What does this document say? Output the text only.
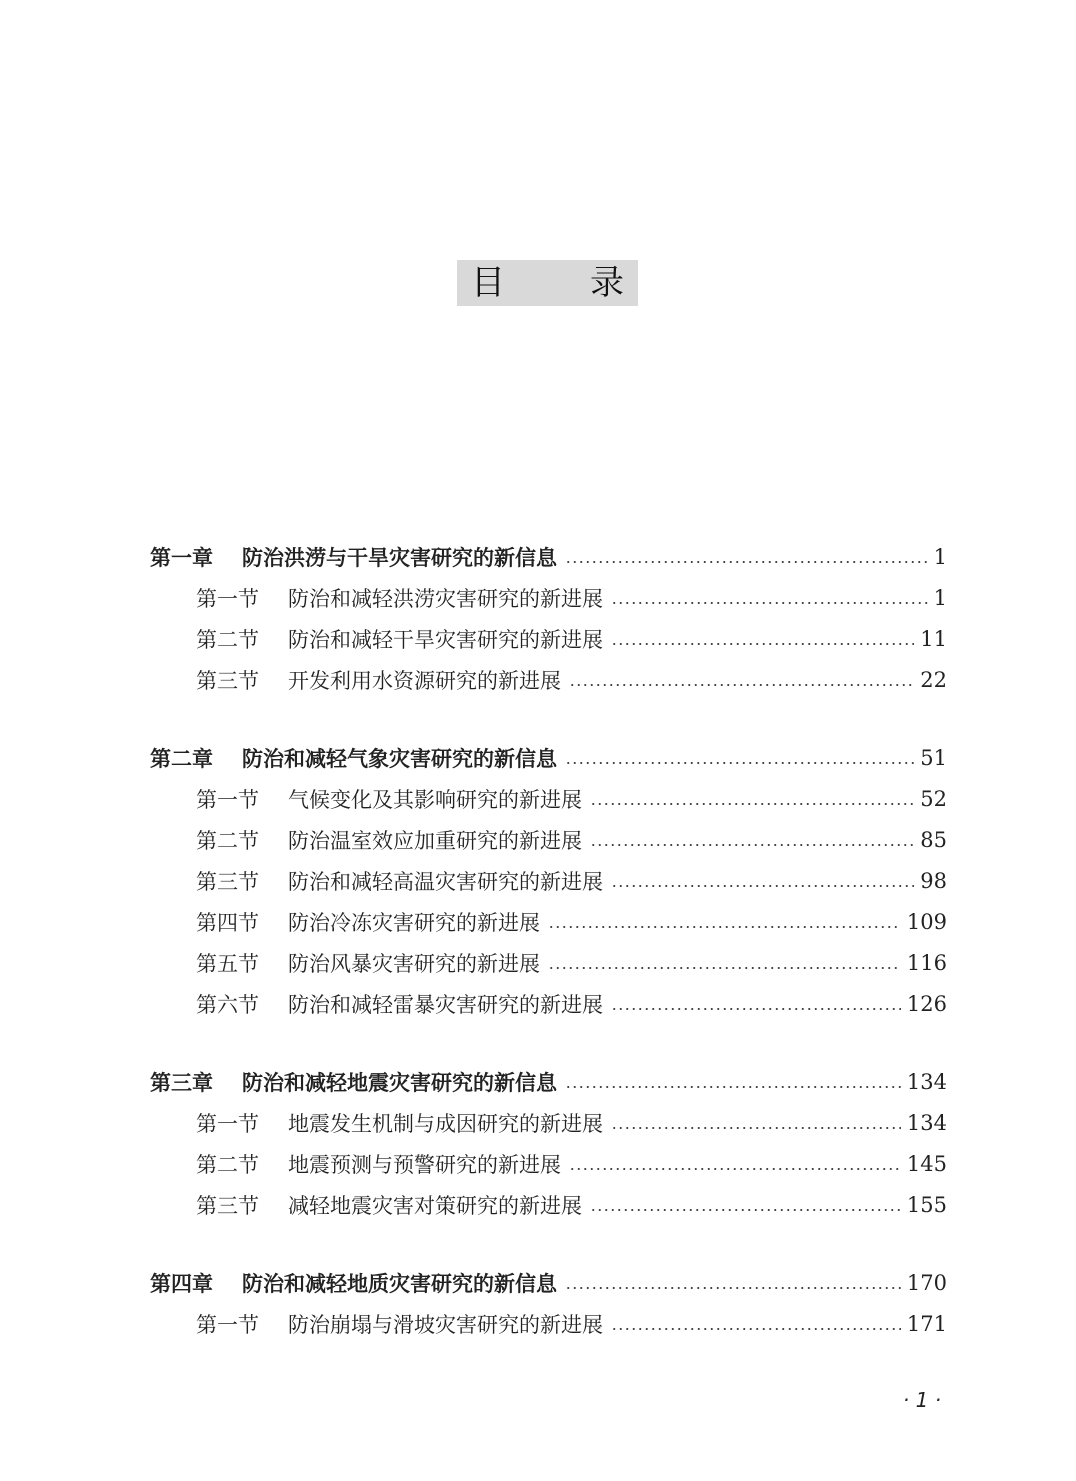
目	录
第一章	防治洪涝与干旱灾害研究的新信息	1
第一节	防治和减轻洪涝灾害研究的新进展	1
第二节	防治和减轻干旱灾害研究的新进展	11
第三节	开发利用水资源研究的新进展	22
第二章	防治和减轻气象灾害研究的新信息	51
第一节	气候变化及其影响研究的新进展	52
第二节	防治温室效应加重研究的新进展	85
第三节	防治和减轻高温灾害研究的新进展	98
第四节	防治冷冻灾害研究的新进展	109
第五节	防治风暴灾害研究的新进展	116
第六节	防治和减轻雷暴灾害研究的新进展	126
第三章	防治和减轻地震灾害研究的新信息	134
第一节	地震发生机制与成因研究的新进展	134
第二节	地震预测与预警研究的新进展	145
第三节	减轻地震灾害对策研究的新进展	155
第四章	防治和减轻地质灾害研究的新信息	170
第一节	防治崩塌与滑坡灾害研究的新进展	171
· 1 ·
